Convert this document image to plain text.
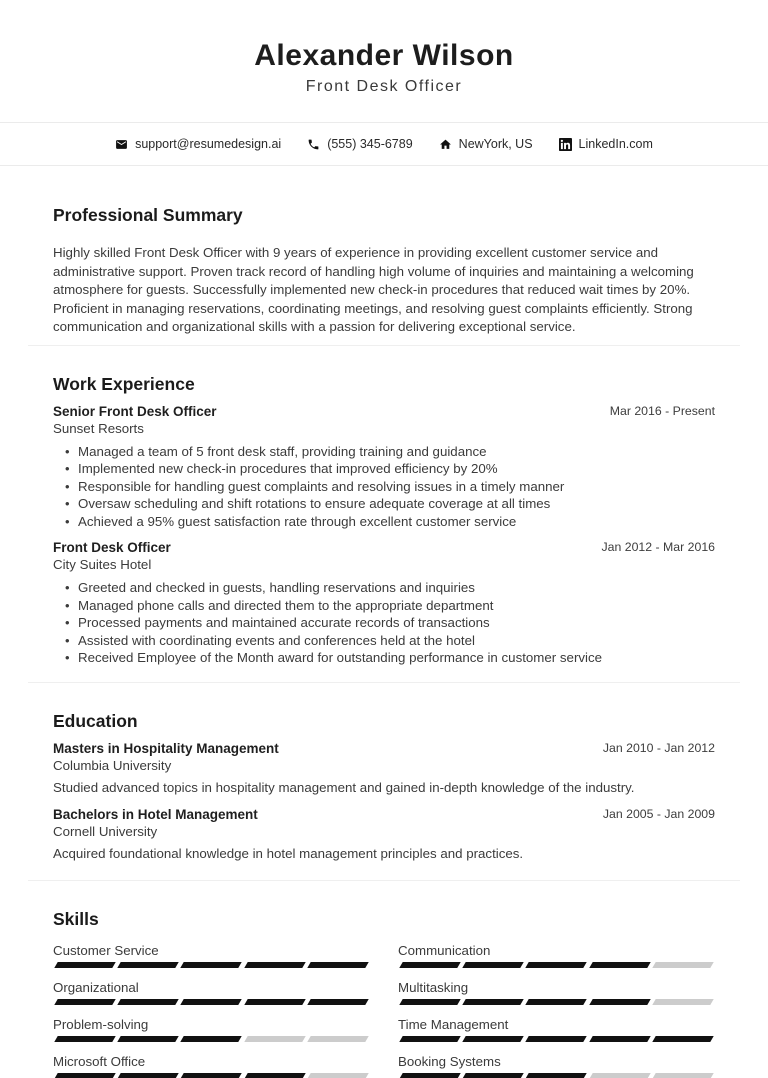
Alexander Wilson
Front Desk Officer
support@resumedesign.ai	(555) 345-6789	NewYork, US	LinkedIn.com
Professional Summary

Highly skilled Front Desk Officer with 9 years of experience in providing excellent customer service and administrative support. Proven track record of handling high volume of inquiries and maintaining a welcoming atmosphere for guests. Successfully implemented new check-in procedures that reduced wait times by 20%. Proficient in managing reservations, coordinating meetings, and resolving guest complaints efficiently. Strong communication and organizational skills with a passion for delivering exceptional service.

Work Experience
Senior Front Desk Officer
Sunset Resorts
Mar 2016 - Present
• Managed a team of 5 front desk staff, providing training and guidance
• Implemented new check-in procedures that improved efficiency by 20%
• Responsible for handling guest complaints and resolving issues in a timely manner
• Oversaw scheduling and shift rotations to ensure adequate coverage at all times
• Achieved a 95% guest satisfaction rate through excellent customer service
Front Desk Officer
City Suites Hotel
Jan 2012 - Mar 2016
• Greeted and checked in guests, handling reservations and inquiries
• Managed phone calls and directed them to the appropriate department
• Processed payments and maintained accurate records of transactions
• Assisted with coordinating events and conferences held at the hotel
• Received Employee of the Month award for outstanding performance in customer service
Education
Masters in Hospitality Management
Columbia University
Jan 2010 - Jan 2012
Studied advanced topics in hospitality management and gained in-depth knowledge of the industry.
Bachelors in Hotel Management
Cornell University
Jan 2005 - Jan 2009
Acquired foundational knowledge in hotel management principles and practices.
Skills
Customer Service	Communication
Organizational	Multitasking
Problem-solving	Time Management
Microsoft Office	Booking Systems
